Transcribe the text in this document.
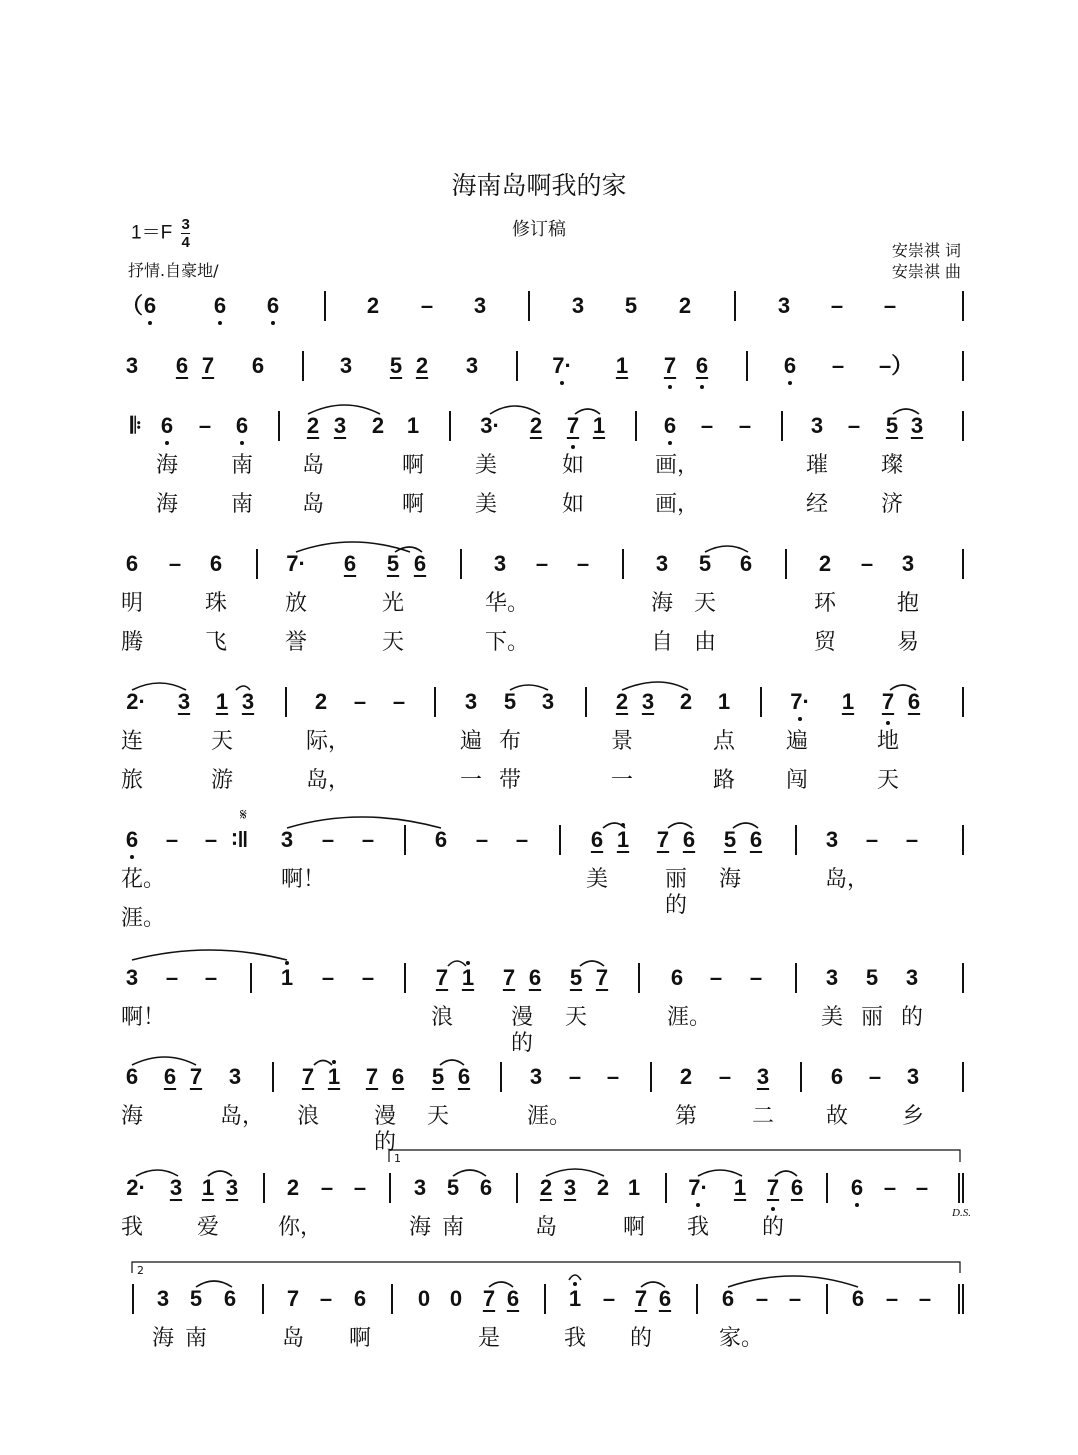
海南岛啊我的家
修订稿
$1=F \frac{3}{4}$
抒情.自豪地/
安崇祺 词
安崇祺 曲
（ 6	6 6	2 – 3	3 5 2	3 – –
3 6 7 6	3 5 2 3	7· 1 7 6	6 – –）
𝄆 6 – 6	2 3 2 1	3· 2 7 1	6 – –	3 – 5 3
海 南 岛	啊 美	如	画，	璀 璨
海 南 岛	啊 美	如	画，	经 济
6 – 6	7· 6 5 6	3 – –	3 5 6	2 – 3
明	珠	放	光	华。	海 天	环	抱
腾	飞	誉	天	下。	自 由	贸	易
2· 3 1 3	2 – –	3 5 3	2 3 2 1	7· 1 7 6
连	天	际，	遍 布	景	点 遍	地
旅	游	岛，	一 带	一	路 闯	天
6 – – ∶‖ 3 – –	6 – –	6 1 7 6 5 6	3 – –
花。	啊！	美	丽的
海	岛，
涯。
3 – –	1 – –	7 1 7 6 5 7	6 – –	3 5 3
啊！	浪	漫的
天	涯。	美 丽 的
6 6 7 3	7 1 7 6 5 6	3 – –	2 – 3	6 – 3
海	岛， 浪 漫的
天	涯。	第 二 故 乡
2· 3 1 3 2 – – 3 5 6 2 3 2 1 7· 1 7 6 6 – –
我 爱	你，	海 南	岛	啊 我 的
3 5 6 7 – 6 0 0 7 6 1 – 7 6 6 – – 6 – –
海 南	岛 啊	是	我 的	家。
1
2
𝄋
D.S.
